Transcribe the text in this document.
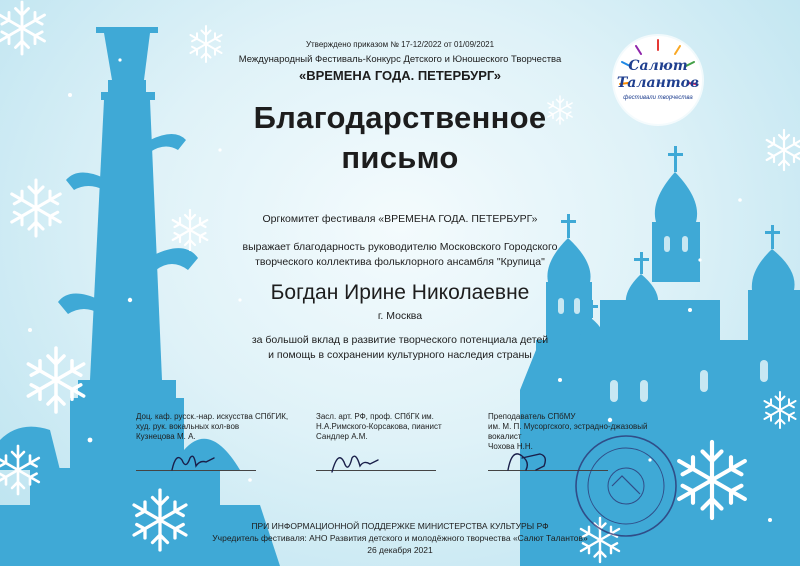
Салют
Талантов
фестивали творчества
Утверждено приказом № 17-12/2022 от 01/09/2021
Международный Фестиваль-Конкурс Детского и Юношеского Творчества
«ВРЕМЕНА ГОДА. ПЕТЕРБУРГ»
Благодарственное
письмо
Оргкомитет фестиваля «ВРЕМЕНА ГОДА. ПЕТЕРБУРГ»
выражает благодарность руководителю Московского Городского
творческого коллектива фольклорного ансамбля "Крупица"
Богдан Ирине Николаевне
г. Москва
за большой вклад в развитие творческого потенциала детей
и помощь в сохранении культурного наследия страны
Доц. каф. русск.-нар. искусства СПбГИК,
худ. рук. вокальных кол-вов
Кузнецова М. А.
Засл. арт. РФ, проф. СПбГК им.
Н.А.Римского-Корсакова, пианист
Сандлер А.М.
Преподаватель СПбМУ
им. М. П. Мусоргского, эстрадно-джазовый
вокалист
Чохова Н.Н.
ПРИ ИНФОРМАЦИОННОЙ ПОДДЕРЖКЕ МИНИСТЕРСТВА КУЛЬТУРЫ РФ
Учредитель фестиваля: АНО Развития детского и молодёжного творчества «Салют Талантов»
26 декабря 2021
